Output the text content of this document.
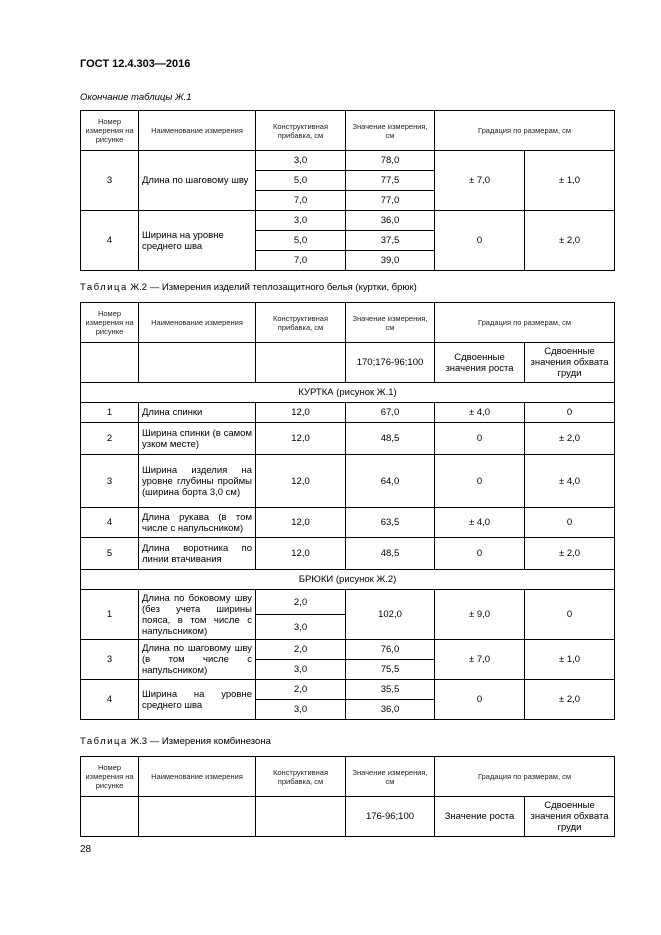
ГОСТ 12.4.303—2016
Окончание таблицы Ж.1
Номер измерения на рисунке	Наименование измерения	Конструктивная прибавка, см	Значение измерения, см	Градация по размерам, см	
3	Длина по шаговому шву	3,0	78,0	± 7,0	± 1,0
		5,0	77,5		
		7,0	77,0		
4	Ширина на уровне среднего шва	3,0	36,0	0	± 2,0
		5,0	37,5		
		7,0	39,0		
Таблица Ж.2 — Измерения изделий теплозащитного белья (куртки, брюк)
Номер измерения на рисунке	Наименование измерения	Конструктивная прибавка, см	Значение измерения, см	Градация по размерам, см	
			170;176-96;100	Сдвоенные значения роста	Сдвоенные значения обхвата груди
КУРТКА (рисунок Ж.1)					
1	Длина спинки	12,0	67,0	± 4,0	0
2	Ширина спинки (в самом узком месте)	12,0	48,5	0	± 2,0
3	Ширина изделия на уровне глубины проймы (ширина борта 3,0 см)	12,0	64,0	0	± 4,0
4	Длина рукава (в том числе с напульсником)	12,0	63,5	± 4,0	0
5	Длина воротника по линии втачивания	12,0	48,5	0	± 2,0
БРЮКИ (рисунок Ж.2)					
1	Длина по боковому шву (без учета ширины пояса, в том числе с напульсником)	2,0	102,0	± 9,0	0
		3,0			
3	Длина по шаговому шву (в том числе с напульсником)	2,0	76,0	± 7,0	± 1,0
		3,0	75,5		
4	Ширина на уровне среднего шва	2,0	35,5	0	± 2,0
		3,0	36,0		
Таблица Ж.3 — Измерения комбинезона
Номер измерения на рисунке	Наименование измерения	Конструктивная прибавка, см	Значение измерения, см	Градация по размерам, см	
			176-96;100	Значение роста	Сдвоенные значения обхвата груди
28
